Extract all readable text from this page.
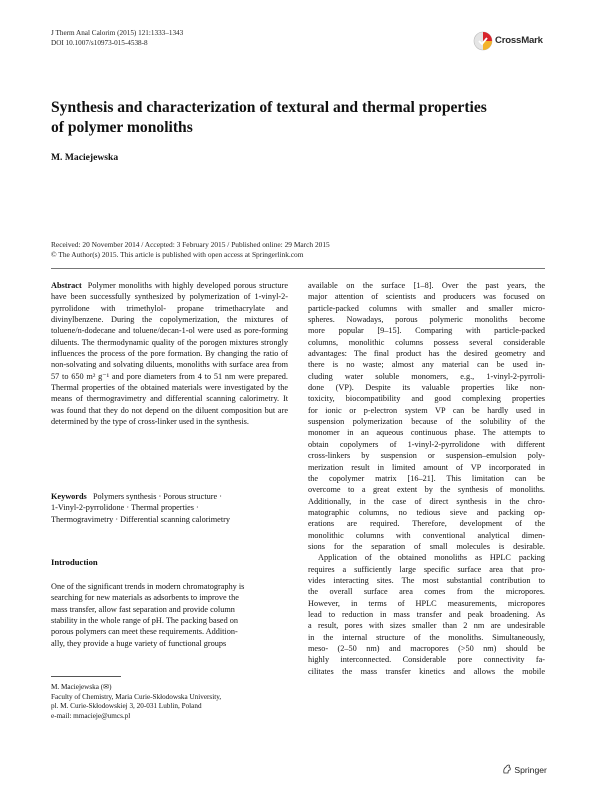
J Therm Anal Calorim (2015) 121:1333–1343
DOI 10.1007/s10973-015-4538-8	CrossMark
Synthesis and characterization of textural and thermal properties
of polymer monoliths
M. Maciejewska
Received: 20 November 2014 / Accepted: 3 February 2015 / Published online: 29 March 2015
© The Author(s) 2015. This article is published with open access at Springerlink.com

Abstract Polymer monoliths with highly developed porous structure have been successfully synthesized by polymerization of 1-vinyl-2-pyrrolidone with trimethylol- propane trimethacrylate and divinylbenzene. During the copolymerization, the mixtures of toluene/n-dodecane and toluene/decan-1-ol were used as pore-forming diluents. The thermodynamic quality of the porogen mixtures strongly influences the process of the pore formation. By changing the ratio of non-solvating and solvating diluents, monoliths with surface area from 57 to 650 m² g⁻¹ and pore diameters from 4 to 51 nm were prepared. Thermal properties of the obtained materials were investigated by the means of thermogravimetry and differential scanning calorimetry. It was found that they do not depend on the diluent composition but are determined by the type of cross-linker used in the synthesis.

Keywords Polymers synthesis · Porous structure ·
1-Vinyl-2-pyrrolidone · Thermal properties ·
Thermogravimetry · Differential scanning calorimetry
Introduction
One of the significant trends in modern chromatography is
searching for new materials as adsorbents to improve the
mass transfer, allow fast separation and provide column
stability in the whole range of pH. The packing based on
porous polymers can meet these requirements. Addition-
ally, they provide a huge variety of functional groups
M. Maciejewska (✉)
Faculty of Chemistry, Maria Curie-Skłodowska University,
pl. M. Curie-Skłodowskiej 3, 20-031 Lublin, Poland
e-mail: mmacieje@umcs.pl
available on the surface [1–8]. Over the past years, the
major attention of scientists and producers was focused on
particle-packed columns with smaller and smaller micro-
spheres. Nowadays, porous polymeric monoliths become
more popular [9–15]. Comparing with particle-packed
columns, monolithic columns possess several considerable
advantages: The final product has the desired geometry and
there is no waste; almost any material can be used in-
cluding water soluble monomers, e.g., 1-vinyl-2-pyrroli-
done (VP). Despite its valuable properties like non-
toxicity, biocompatibility and good complexing properties
for ionic or p-electron system VP can be hardly used in
suspension polymerization because of the solubility of the
monomer in an aqueous continuous phase. The attempts to
obtain copolymers of 1-vinyl-2-pyrrolidone with different
cross-linkers by suspension or suspension–emulsion poly-
merization result in limited amount of VP incorporated in
the copolymer matrix [16–21]. This limitation can be
overcome to a great extent by the synthesis of monoliths.
Additionally, in the case of direct synthesis in the chro-
matographic columns, no tedious sieve and packing op-
erations are required. Therefore, development of the
monolithic columns with conventional analytical dimen-
sions for the separation of small molecules is desirable.
Application of the obtained monoliths as HPLC packing
requires a sufficiently large specific surface area that pro-
vides interacting sites. The most substantial contribution to
the overall surface area comes from the micropores.
However, in terms of HPLC measurements, micropores
lead to reduction in mass transfer and peak broadening. As
a result, pores with sizes smaller than 2 nm are undesirable
in the internal structure of the monoliths. Simultaneously,
meso- (2–50 nm) and macropores (>50 nm) should be
highly interconnected. Considerable pore connectivity fa-
cilitates the mass transfer kinetics and allows the mobile
Springer
